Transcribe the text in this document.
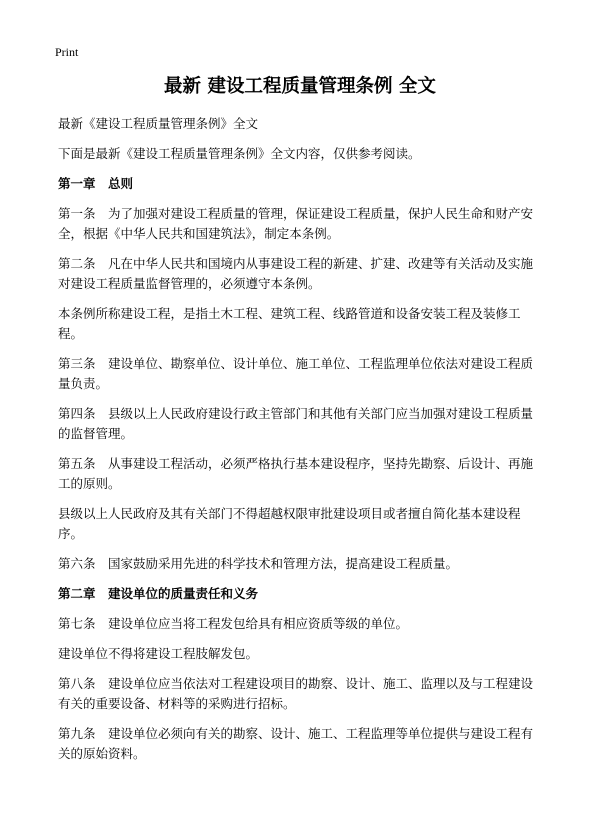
Print
最新 建设工程质量管理条例 全文
最新《建设工程质量管理条例》全文
下面是最新《建设工程质量管理条例》全文内容，仅供参考阅读。
第一章　总则
第一条　为了加强对建设工程质量的管理，保证建设工程质量，保护人民生命和财产安全，根据《中华人民共和国建筑法》，制定本条例。
第二条　凡在中华人民共和国境内从事建设工程的新建、扩建、改建等有关活动及实施对建设工程质量监督管理的，必须遵守本条例。
本条例所称建设工程，是指土木工程、建筑工程、线路管道和设备安装工程及装修工程。
第三条　建设单位、勘察单位、设计单位、施工单位、工程监理单位依法对建设工程质量负责。
第四条　县级以上人民政府建设行政主管部门和其他有关部门应当加强对建设工程质量的监督管理。
第五条　从事建设工程活动，必须严格执行基本建设程序，坚持先勘察、后设计、再施工的原则。
县级以上人民政府及其有关部门不得超越权限审批建设项目或者擅自简化基本建设程序。
第六条　国家鼓励采用先进的科学技术和管理方法，提高建设工程质量。
第二章　建设单位的质量责任和义务
第七条　建设单位应当将工程发包给具有相应资质等级的单位。
建设单位不得将建设工程肢解发包。
第八条　建设单位应当依法对工程建设项目的勘察、设计、施工、监理以及与工程建设有关的重要设备、材料等的采购进行招标。
第九条　建设单位必须向有关的勘察、设计、施工、工程监理等单位提供与建设工程有关的原始资料。
